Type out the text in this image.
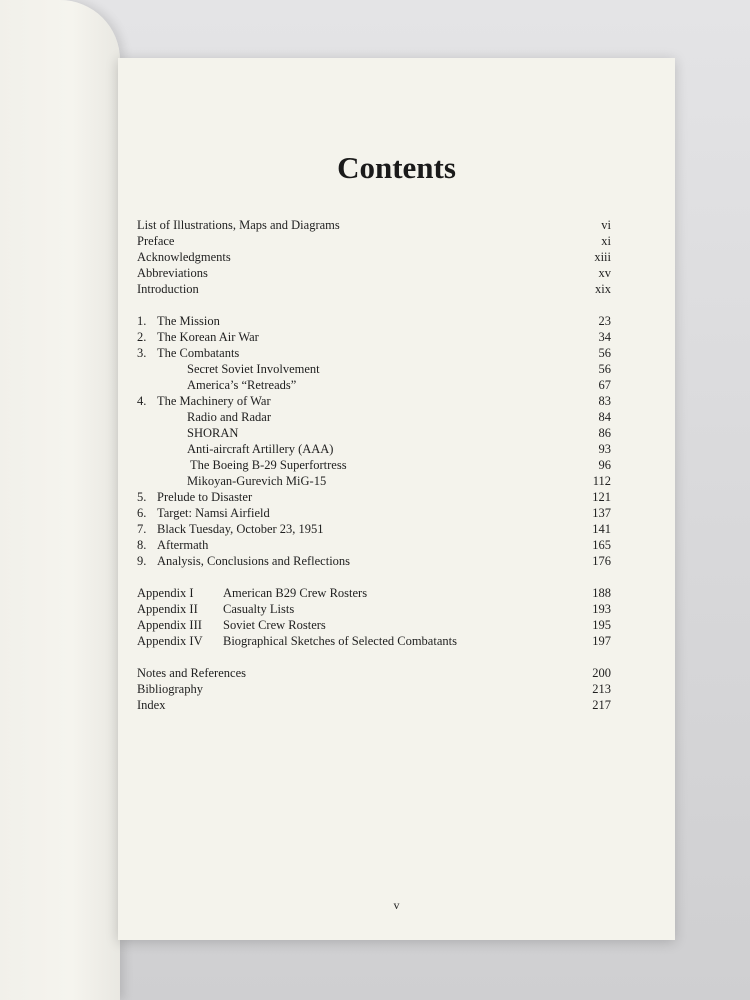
Contents
List of Illustrations, Maps and Diagrams	vi
Preface	xi
Acknowledgments	xiii
Abbreviations	xv
Introduction	xix
1. The Mission	23
2. The Korean Air War	34
3. The Combatants	56
Secret Soviet Involvement	56
America’s “Retreads”	67
4. The Machinery of War	83
Radio and Radar	84
SHORAN	86
Anti-aircraft Artillery (AAA)	93
The Boeing B-29 Superfortress	96
Mikoyan-Gurevich MiG-15	112
5. Prelude to Disaster	121
6. Target: Namsi Airfield	137
7. Black Tuesday, October 23, 1951	141
8. Aftermath	165
9. Analysis, Conclusions and Reflections	176
Appendix I American B29 Crew Rosters	188
Appendix II Casualty Lists	193
Appendix III Soviet Crew Rosters	195
Appendix IV Biographical Sketches of Selected Combatants	197
Notes and References	200
Bibliography	213
Index	217
v
